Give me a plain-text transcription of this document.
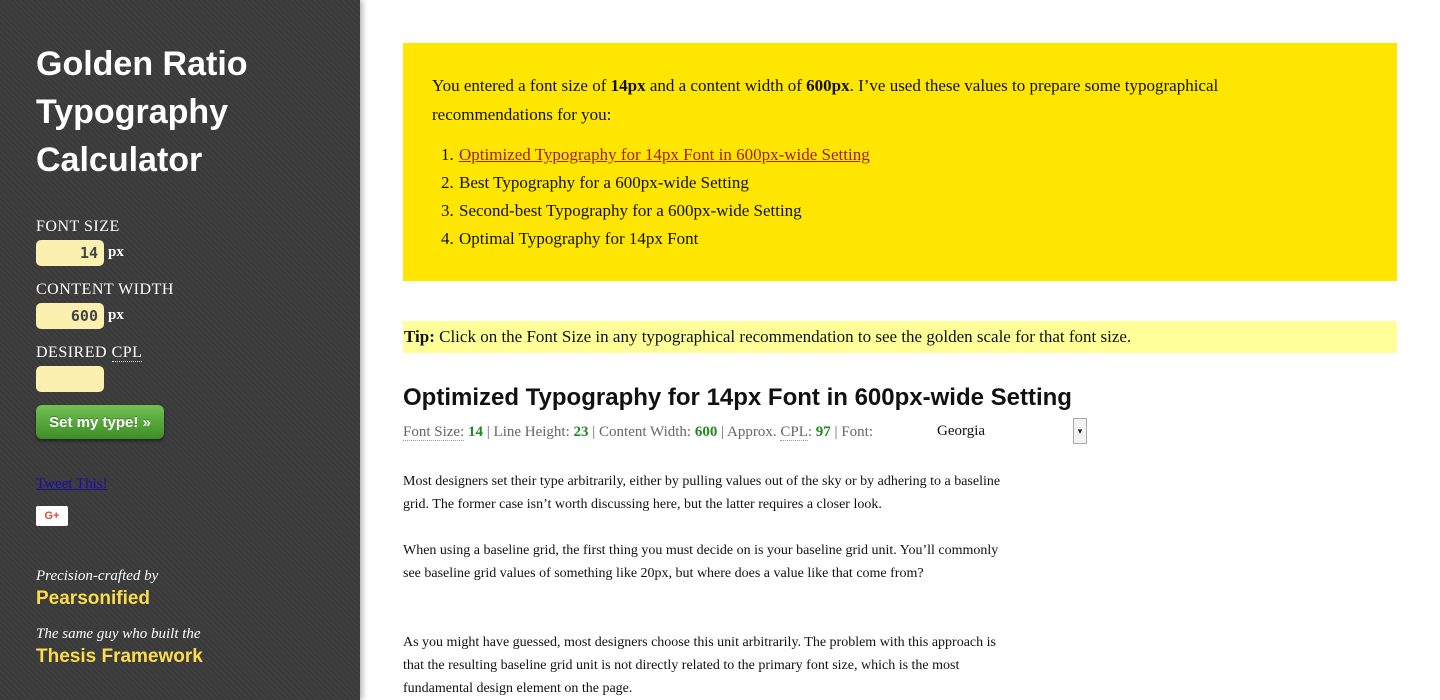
Golden Ratio Typography Calculator
FONT SIZE
14
px
CONTENT WIDTH
600
px
DESIRED CPL
Set my type! »
Tweet This!
G+
Precision-crafted by
Pearsonified
The same guy who built the
Thesis Framework
You entered a font size of 14px and a content width of 600px. I’ve used these values to prepare some typographical recommendations for you:
1. Optimized Typography for 14px Font in 600px-wide Setting
2. Best Typography for a 600px-wide Setting
3. Second-best Typography for a 600px-wide Setting
4. Optimal Typography for 14px Font
Tip: Click on the Font Size in any typographical recommendation to see the golden scale for that font size.
Optimized Typography for 14px Font in 600px-wide Setting
Font Size: 14 | Line Height: 23 | Content Width: 600 | Approx. CPL: 97 | Font:	Georgia	▾

Most designers set their type arbitrarily, either by pulling values out of the sky or by adhering to a baseline grid. The former case isn’t worth discussing here, but the latter requires a closer look.

When using a baseline grid, the first thing you must decide on is your baseline grid unit. You’ll commonly see baseline grid values of something like 20px, but where does a value like that come from?

As you might have guessed, most designers choose this unit arbitrarily. The problem with this approach is that the resulting baseline grid unit is not directly related to the primary font size, which is the most fundamental design element on the page.
